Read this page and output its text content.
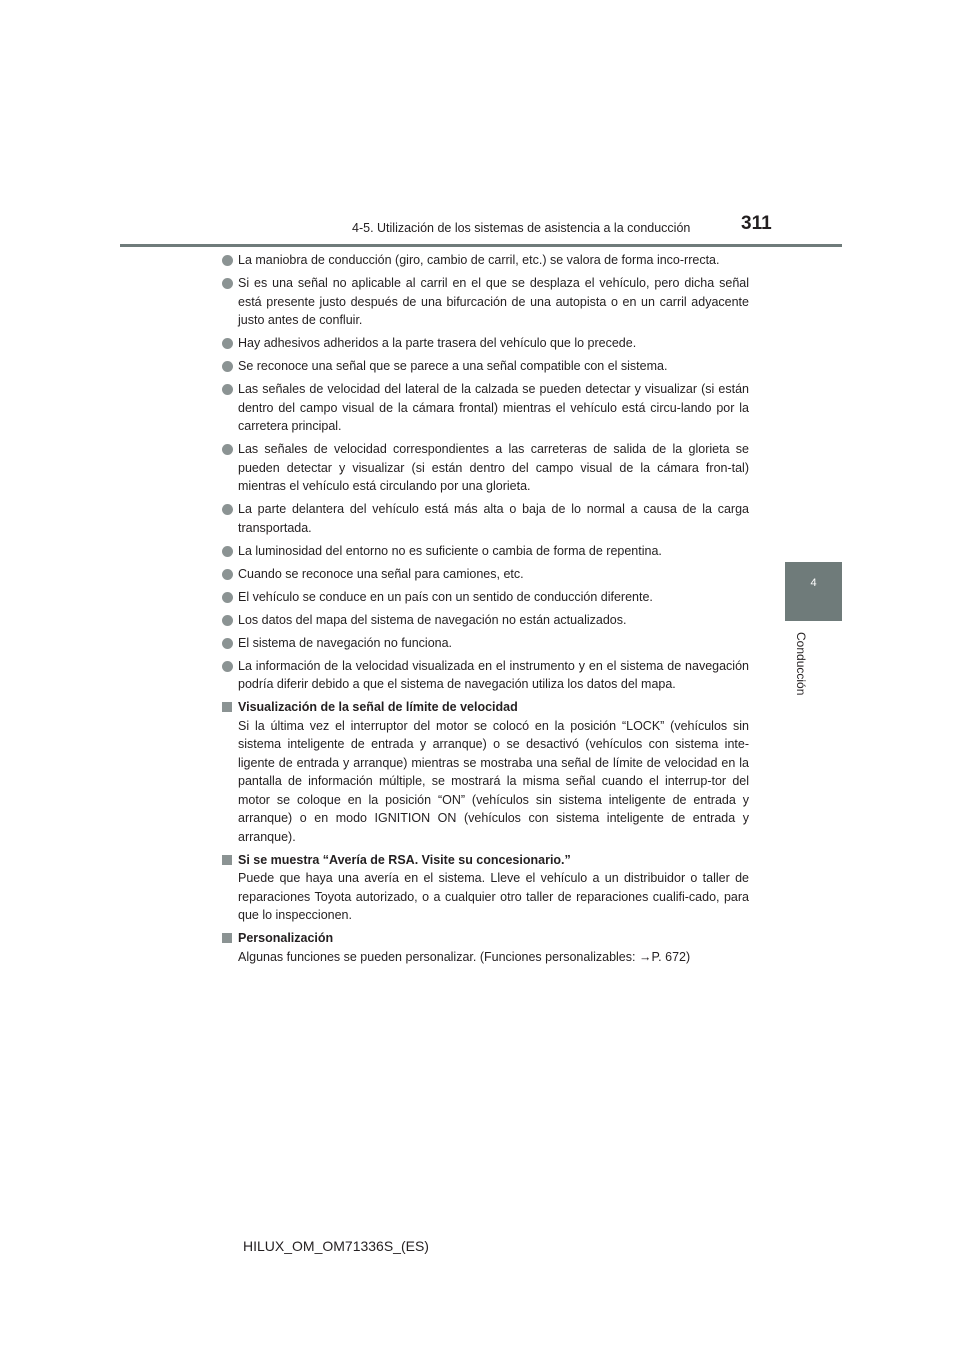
4-5. Utilización de los sistemas de asistencia a la conducción	311
4
Conducción
La maniobra de conducción (giro, cambio de carril, etc.) se valora de forma inco-rrecta.
Si es una señal no aplicable al carril en el que se desplaza el vehículo, pero dicha señal está presente justo después de una bifurcación de una autopista o en un carril adyacente justo antes de confluir.
Hay adhesivos adheridos a la parte trasera del vehículo que lo precede.
Se reconoce una señal que se parece a una señal compatible con el sistema.
Las señales de velocidad del lateral de la calzada se pueden detectar y visualizar (si están dentro del campo visual de la cámara frontal) mientras el vehículo está circu-lando por la carretera principal.
Las señales de velocidad correspondientes a las carreteras de salida de la glorieta se pueden detectar y visualizar (si están dentro del campo visual de la cámara fron-tal) mientras el vehículo está circulando por una glorieta.
La parte delantera del vehículo está más alta o baja de lo normal a causa de la carga transportada.
La luminosidad del entorno no es suficiente o cambia de forma de repentina.
Cuando se reconoce una señal para camiones, etc.
El vehículo se conduce en un país con un sentido de conducción diferente.
Los datos del mapa del sistema de navegación no están actualizados.
El sistema de navegación no funciona.
La información de la velocidad visualizada en el instrumento y en el sistema de navegación podría diferir debido a que el sistema de navegación utiliza los datos del mapa.
Visualización de la señal de límite de velocidad
Si la última vez el interruptor del motor se colocó en la posición “LOCK” (vehículos sin sistema inteligente de entrada y arranque) o se desactivó (vehículos con sistema inte-ligente de entrada y arranque) mientras se mostraba una señal de límite de velocidad en la pantalla de información múltiple, se mostrará la misma señal cuando el interrup-tor del motor se coloque en la posición “ON” (vehículos sin sistema inteligente de entrada y arranque) o en modo IGNITION ON (vehículos con sistema inteligente de entrada y arranque).
Si se muestra “Avería de RSA. Visite su concesionario.”
Puede que haya una avería en el sistema. Lleve el vehículo a un distribuidor o taller de reparaciones Toyota autorizado, o a cualquier otro taller de reparaciones cualifi-cado, para que lo inspeccionen.
Personalización
Algunas funciones se pueden personalizar. (Funciones personalizables: →P. 672)
HILUX_OM_OM71336S_(ES)
